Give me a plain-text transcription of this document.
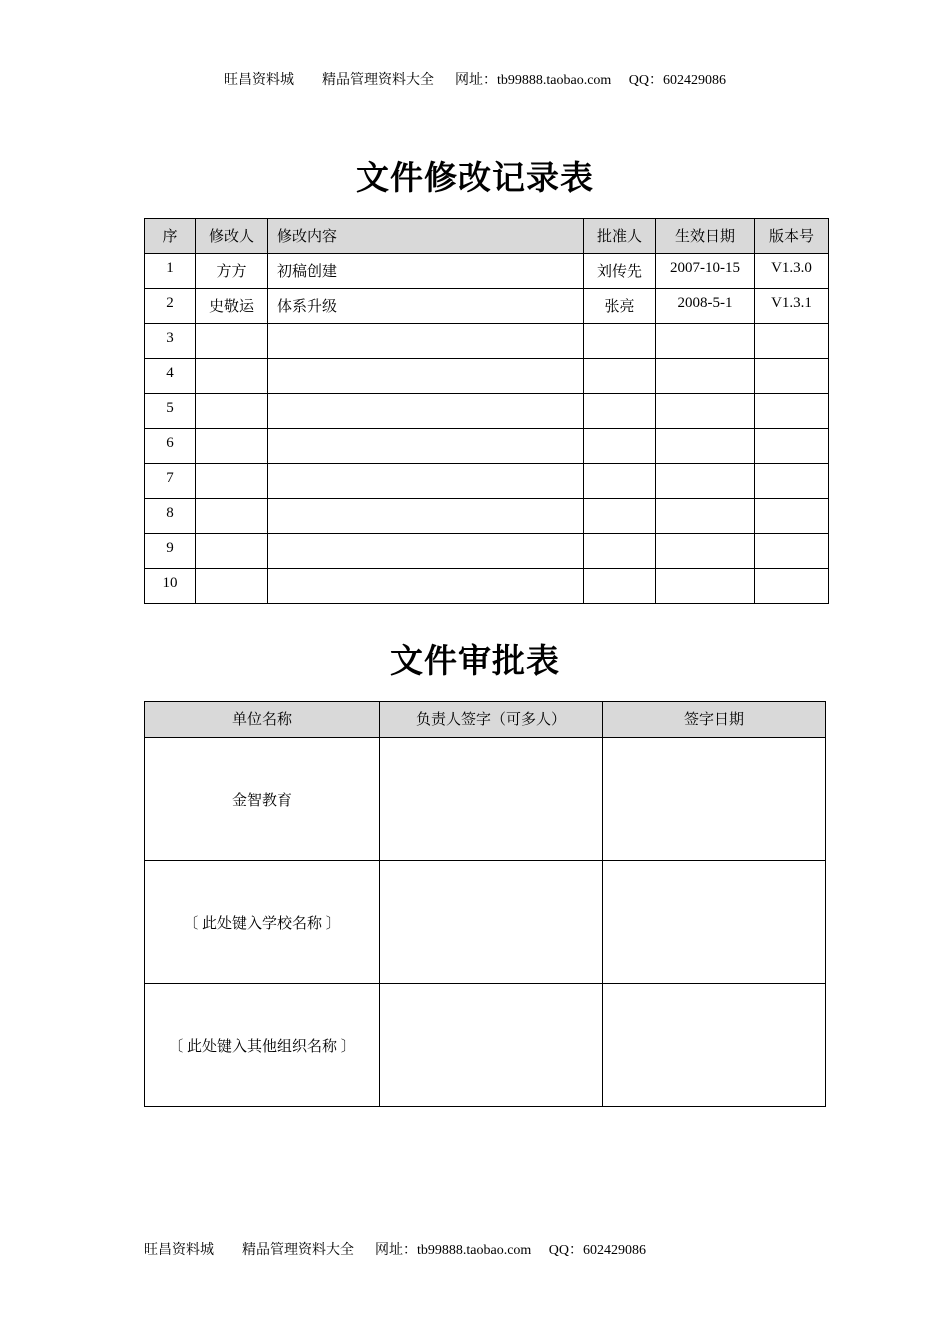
旺昌资料城        精品管理资料大全      网址：tb99888.taobao.com     QQ：602429086
文件修改记录表
序	修改人	修改内容	批准人	生效日期	版本号
1	方方	初稿创建	刘传先	2007-10-15	V1.3.0
2	史敬运	体系升级	张亮	2008-5-1	V1.3.1
3					
4					
5					
6					
7					
8					
9					
10					
文件审批表
单位名称	负责人签字（可多人）	签字日期
金智教育		
〔 此处键入学校名称 〕		
〔 此处键入其他组织名称 〕		
旺昌资料城        精品管理资料大全      网址：tb99888.taobao.com     QQ：602429086
